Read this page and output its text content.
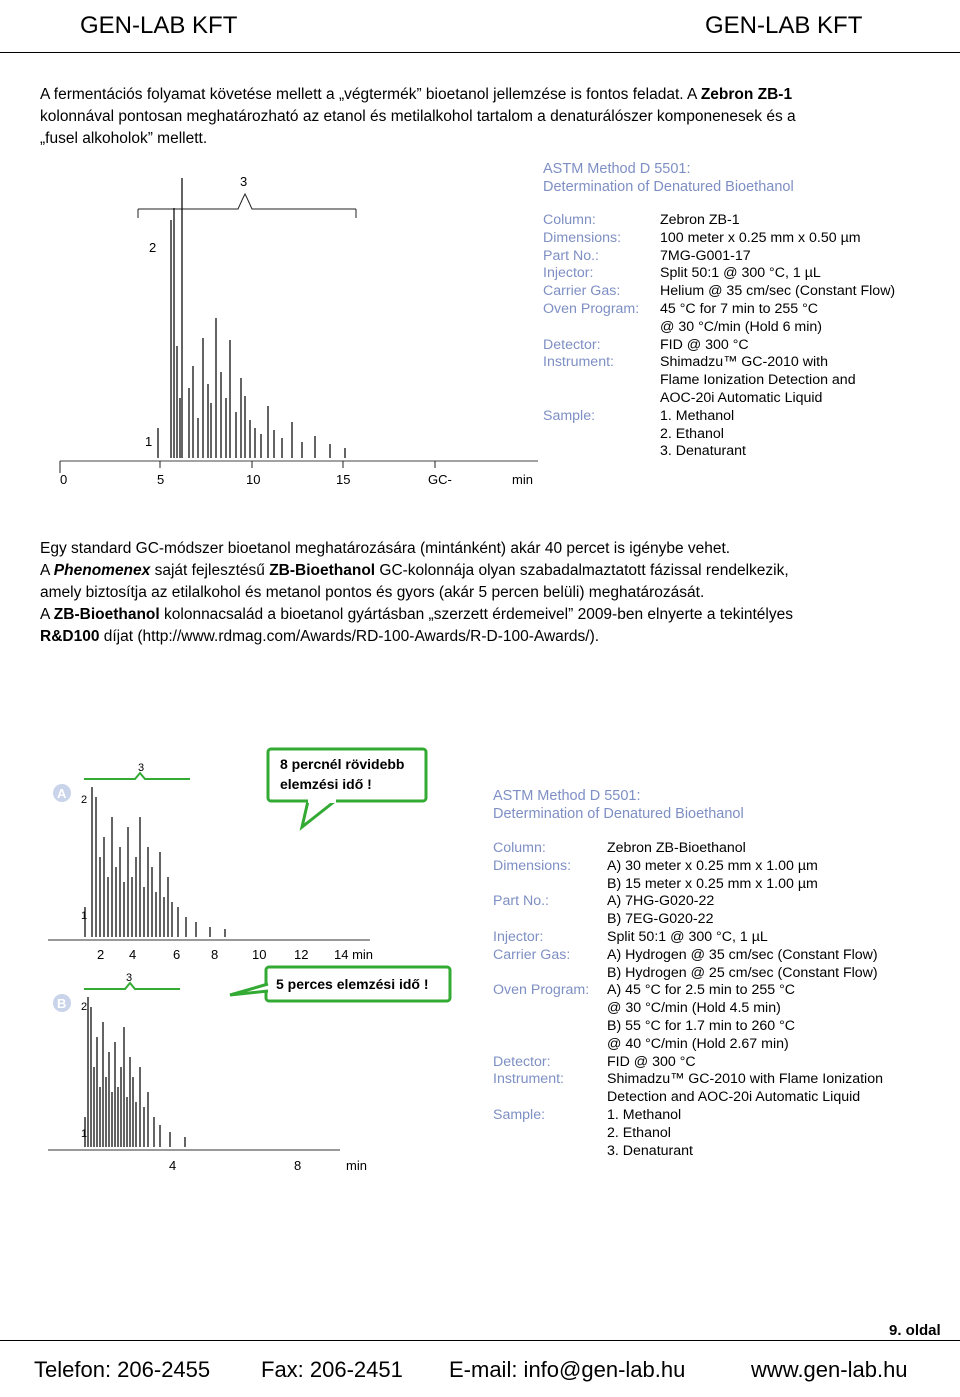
GEN-LAB KFT	GEN-LAB KFT

A fermentációs folyamat követése mellett a „végtermék” bioetanol jellemzése is fontos feladat. A Zebron ZB-1

kolonnával pontosan meghatározható az etanol és metilalkohol tartalom a denaturálószer komponenesek és a

„fusel alkoholok” mellett.

3
2
1
0	5	10	15	GC-	min
ASTM Method D 5501:
Determination of Denatured Bioethanol
Column:	Zebron ZB-1
Dimensions:	100 meter x 0.25 mm x 0.50 µm
Part No.:	7MG-G001-17
Injector:	Split 50:1 @ 300 °C, 1 µL
Carrier Gas:	Helium @ 35 cm/sec (Constant Flow)
Oven Program: 45 °C for 7 min to 255 °C
@ 30 °C/min (Hold 6 min)
Detector:	FID @ 300 °C
Instrument:	Shimadzu™ GC-2010 with
Flame Ionization Detection and
AOC-20i Automatic Liquid
Sample:	1. Methanol
2. Ethanol
3. Denaturant

Egy standard GC-módszer bioetanol meghatározására (mintánként) akár 40 percet is igénybe vehet.

A Phenomenex saját fejlesztésű ZB-Bioethanol GC-kolonnája olyan szabadalmaztatott fázissal rendelkezik,

amely biztosítja az etilalkohol és metanol pontos és gyors (akár 5 percen belüli) meghatározását.

A ZB-Bioethanol kolonnacsalád a bioetanol gyártásban „szerzett érdemeivel” 2009-ben elnyerte a tekintélyes

R&D100 díjat (http://www.rdmag.com/Awards/RD-100-Awards/R-D-100-Awards/).

8 percnél rövidebb
elemzési idő !
5 perces elemzési idő !
A
B
3
2
1
3
2
1
2 4	6 8	10 12 14 min
4	8	min
ASTM Method D 5501:
Determination of Denatured Bioethanol
Column:	Zebron ZB-Bioethanol
Dimensions:	A) 30 meter x 0.25 mm x 1.00 µm
B) 15 meter x 0.25 mm x 1.00 µm
Part No.:	A) 7HG-G020-22
B) 7EG-G020-22
Injector:	Split 50:1 @ 300 °C, 1 µL
Carrier Gas:	A) Hydrogen @ 35 cm/sec (Constant Flow)
B) Hydrogen @ 25 cm/sec (Constant Flow)
Oven Program: A) 45 °C for 2.5 min to 255 °C
@ 30 °C/min (Hold 4.5 min)
B) 55 °C for 1.7 min to 260 °C
@ 40 °C/min (Hold 2.67 min)
Detector:	FID @ 300 °C
Instrument:	Shimadzu™ GC-2010 with Flame Ionization
Detection and AOC-20i Automatic Liquid
Sample:	1. Methanol
2. Ethanol
3. Denaturant
9. oldal
Telefon: 206-2455 Fax: 206-2451 E-mail: info@gen-lab.hu	www.gen-lab.hu
